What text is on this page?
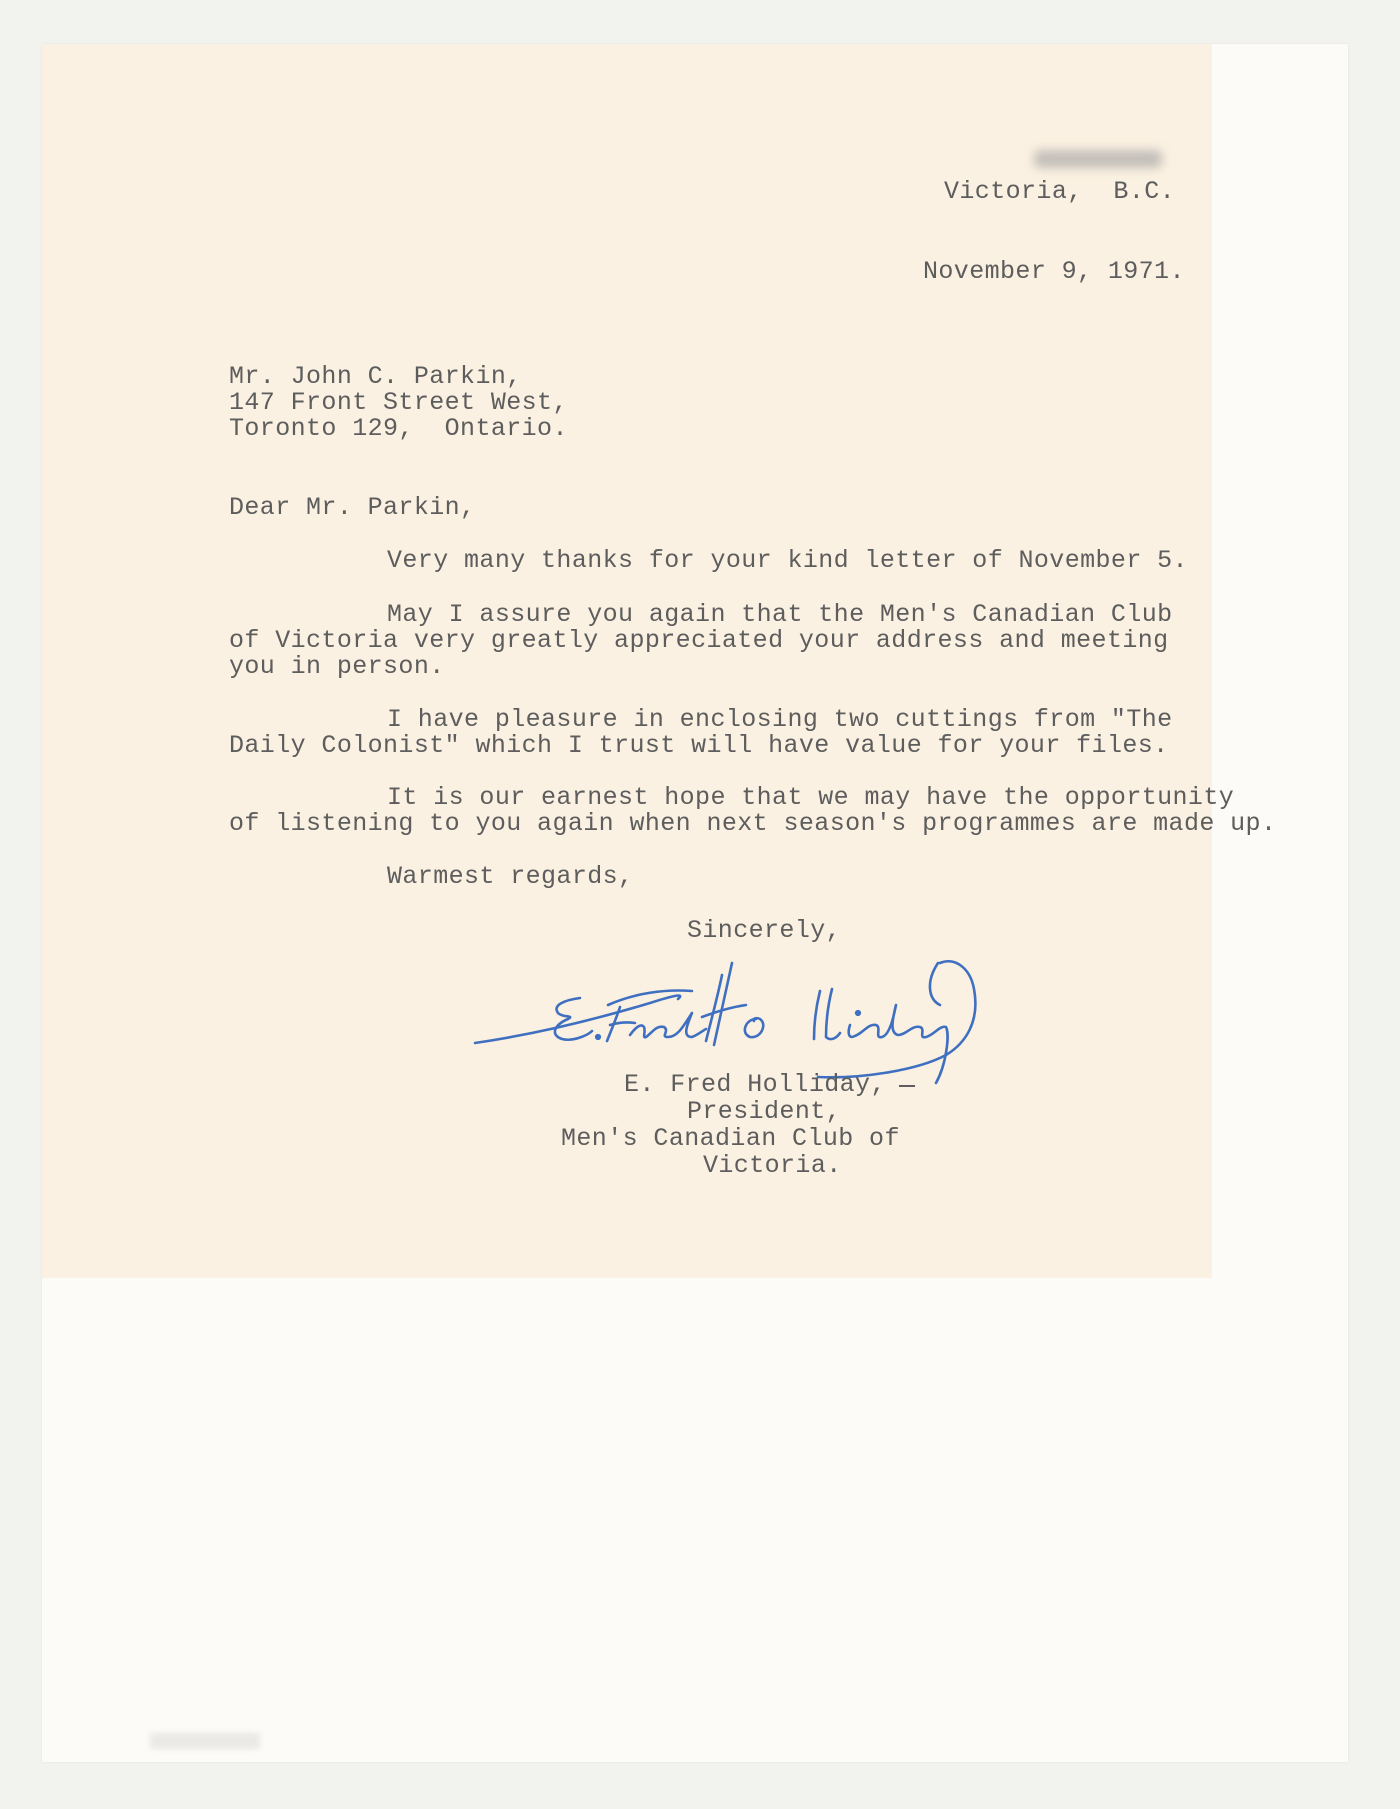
Victoria,  B.C.

November 9, 1971.

Mr. John C. Parkin,

147 Front Street West,

Toronto 129,  Ontario.

Dear Mr. Parkin,

Very many thanks for your kind letter of November 5.

May I assure you again that the Men's Canadian Club

of Victoria very greatly appreciated your address and meeting

you in person.

I have pleasure in enclosing two cuttings from "The

Daily Colonist" which I trust will have value for your files.

It is our earnest hope that we may have the opportunity

of listening to you again when next season's programmes are made up.

Warmest regards,

Sincerely,

E. Fred Holliday,

President,

Men's Canadian Club of

Victoria.
